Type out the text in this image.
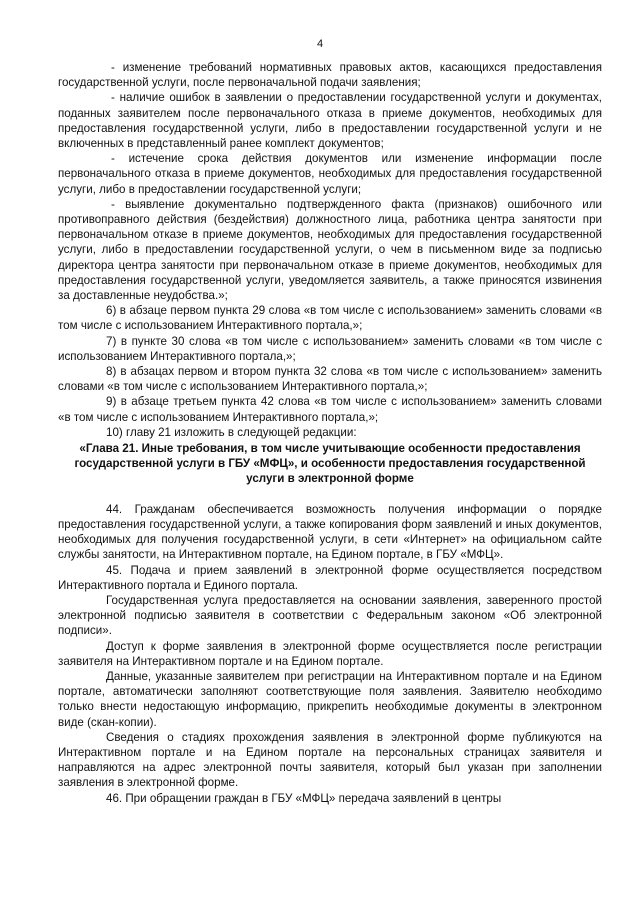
4

- изменение требований нормативных правовых актов, касающихся предоставления государственной услуги, после первоначальной подачи заявления;

- наличие ошибок в заявлении о предоставлении государственной услуги и документах, поданных заявителем после первоначального отказа в приеме документов, необходимых для предоставления государственной услуги, либо в предоставлении государственной услуги и не включенных в представленный ранее комплект документов;

- истечение срока действия документов или изменение информации после первоначального отказа в приеме документов, необходимых для предоставления государственной услуги, либо в предоставлении государственной услуги;

- выявление документально подтвержденного факта (признаков) ошибочного или противоправного действия (бездействия) должностного лица, работника центра занятости при первоначальном отказе в приеме документов, необходимых для предоставления государственной услуги, либо в предоставлении государственной услуги, о чем в письменном виде за подписью директора центра занятости при первоначальном отказе в приеме документов, необходимых для предоставления государственной услуги, уведомляется заявитель, а также приносятся извинения за доставленные неудобства.»;

6) в абзаце первом пункта 29 слова «в том числе с использованием» заменить словами «в том числе с использованием Интерактивного портала,»;

7) в пункте 30 слова «в том числе с использованием» заменить словами «в том числе с использованием Интерактивного портала,»;

8) в абзацах первом и втором пункта 32 слова «в том числе с использованием» заменить словами «в том числе с использованием Интерактивного портала,»;

9) в абзаце третьем пункта 42 слова «в том числе с использованием» заменить словами «в том числе с использованием Интерактивного портала,»;

10) главу 21 изложить в следующей редакции:

«Глава 21. Иные требования, в том числе учитывающие особенности предоставления государственной услуги в ГБУ «МФЦ», и особенности предоставления государственной услуги в электронной форме

44. Гражданам обеспечивается возможность получения информации о порядке предоставления государственной услуги, а также копирования форм заявлений и иных документов, необходимых для получения государственной услуги, в сети «Интернет» на официальном сайте службы занятости, на Интерактивном портале, на Едином портале, в ГБУ «МФЦ».

45. Подача и прием заявлений в электронной форме осуществляется посредством Интерактивного портала и Единого портала.

Государственная услуга предоставляется на основании заявления, заверенного простой электронной подписью заявителя в соответствии с Федеральным законом «Об электронной подписи».

Доступ к форме заявления в электронной форме осуществляется после регистрации заявителя на Интерактивном портале и на Едином портале.

Данные, указанные заявителем при регистрации на Интерактивном портале и на Едином портале, автоматически заполняют соответствующие поля заявления. Заявителю необходимо только внести недостающую информацию, прикрепить необходимые документы в электронном виде (скан-копии).

Сведения о стадиях прохождения заявления в электронной форме публикуются на Интерактивном портале и на Едином портале на персональных страницах заявителя и направляются на адрес электронной почты заявителя, который был указан при заполнении заявления в электронной форме.

46. При обращении граждан в ГБУ «МФЦ» передача заявлений в центры
